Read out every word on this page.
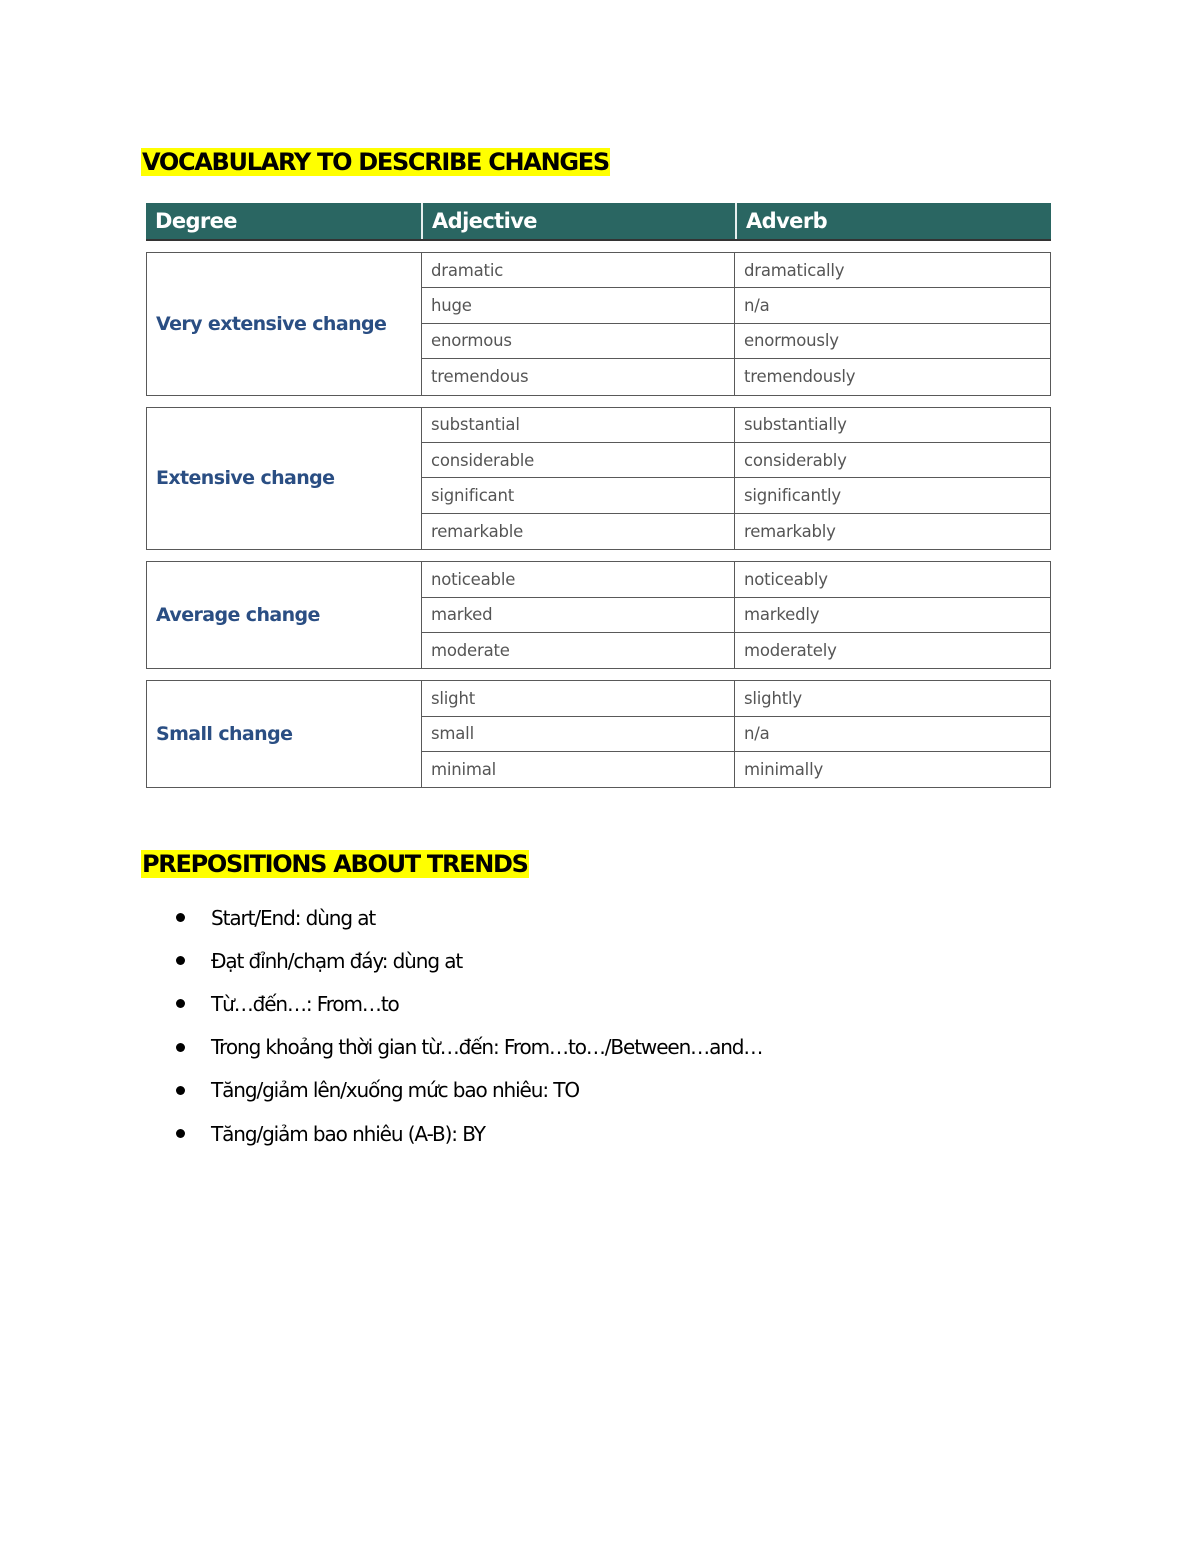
VOCABULARY TO DESCRIBE CHANGES
Degree	Adjective	Adverb
Very extensive change
dramatic	dramatically
huge	n/a
enormous	enormously
tremendous	tremendously
Extensive change
substantial	substantially
considerable	considerably
significant	significantly
remarkable	remarkably
Average change
noticeable	noticeably
marked	markedly
moderate	moderately
Small change
slight	slightly
small	n/a
minimal	minimally
PREPOSITIONS ABOUT TRENDS
Start/End: dùng at
Đạt đỉnh/chạm đáy: dùng at
Từ…đến…: From…to
Trong khoảng thời gian từ…đến: From…to…/Between…and…
Tăng/giảm lên/xuống mức bao nhiêu: TO
Tăng/giảm bao nhiêu (A-B): BY
